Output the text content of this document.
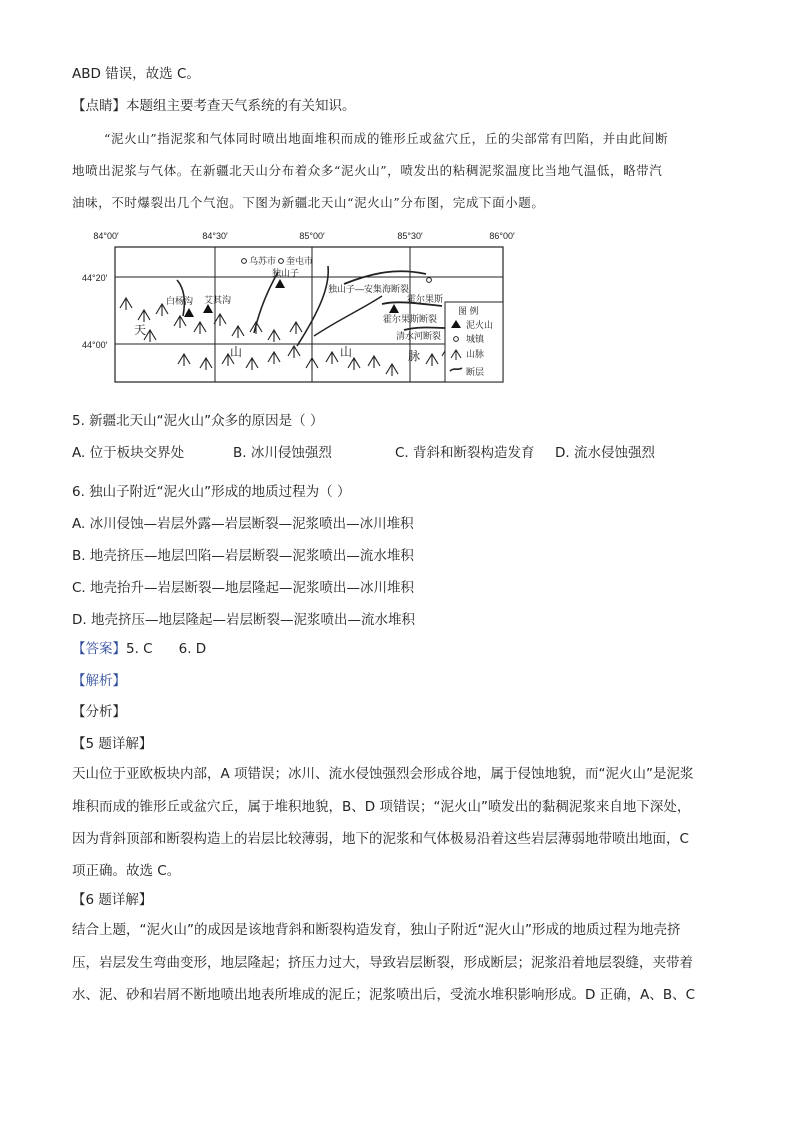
ABD 错误，故选 C。
【点睛】本题组主要考查天气系统的有关知识。
“泥火山”指泥浆和气体同时喷出地面堆积而成的锥形丘或盆穴丘，丘的尖部常有凹陷，并由此间断
地喷出泥浆与气体。在新疆北天山分布着众多“泥火山”，喷发出的粘稠泥浆温度比当地气温低，略带汽
油味，不时爆裂出几个气泡。下图为新疆北天山“泥火山”分布图，完成下面小题。
84°00′	84°30′	85°00′	85°30′	86°00′
44°20′
44°00′
乌苏市 奎屯市
独山子
白杨沟 艾其沟	霍尔果斯
独山子—安集海断裂
霍尔果斯断裂
清水河断裂
天
山	山	脉
图 例
泥火山
城镇
山脉
断层
5. 新疆北天山“泥火山”众多的原因是（ ）
A. 位于板块交界处	B. 冰川侵蚀强烈	C. 背斜和断裂构造发育 D. 流水侵蚀强烈
6. 独山子附近“泥火山”形成的地质过程为（ ）
A. 冰川侵蚀—岩层外露—岩层断裂—泥浆喷出—冰川堆积
B. 地壳挤压—地层凹陷—岩层断裂—泥浆喷出—流水堆积
C. 地壳抬升—岩层断裂—地层隆起—泥浆喷出—冰川堆积
D. 地壳挤压—地层隆起—岩层断裂—泥浆喷出—流水堆积
【答案】5. C 6. D
【解析】
【分析】
【5 题详解】
天山位于亚欧板块内部，A 项错误；冰川、流水侵蚀强烈会形成谷地，属于侵蚀地貌，而“泥火山”是泥浆
堆积而成的锥形丘或盆穴丘，属于堆积地貌，B、D 项错误；“泥火山”喷发出的黏稠泥浆来自地下深处，
因为背斜顶部和断裂构造上的岩层比较薄弱，地下的泥浆和气体极易沿着这些岩层薄弱地带喷出地面，C
项正确。故选 C。
【6 题详解】
结合上题，“泥火山”的成因是该地背斜和断裂构造发育，独山子附近“泥火山”形成的地质过程为地壳挤
压，岩层发生弯曲变形，地层隆起；挤压力过大，导致岩层断裂，形成断层；泥浆沿着地层裂缝，夹带着
水、泥、砂和岩屑不断地喷出地表所堆成的泥丘；泥浆喷出后，受流水堆积影响形成。D 正确，A、B、C
